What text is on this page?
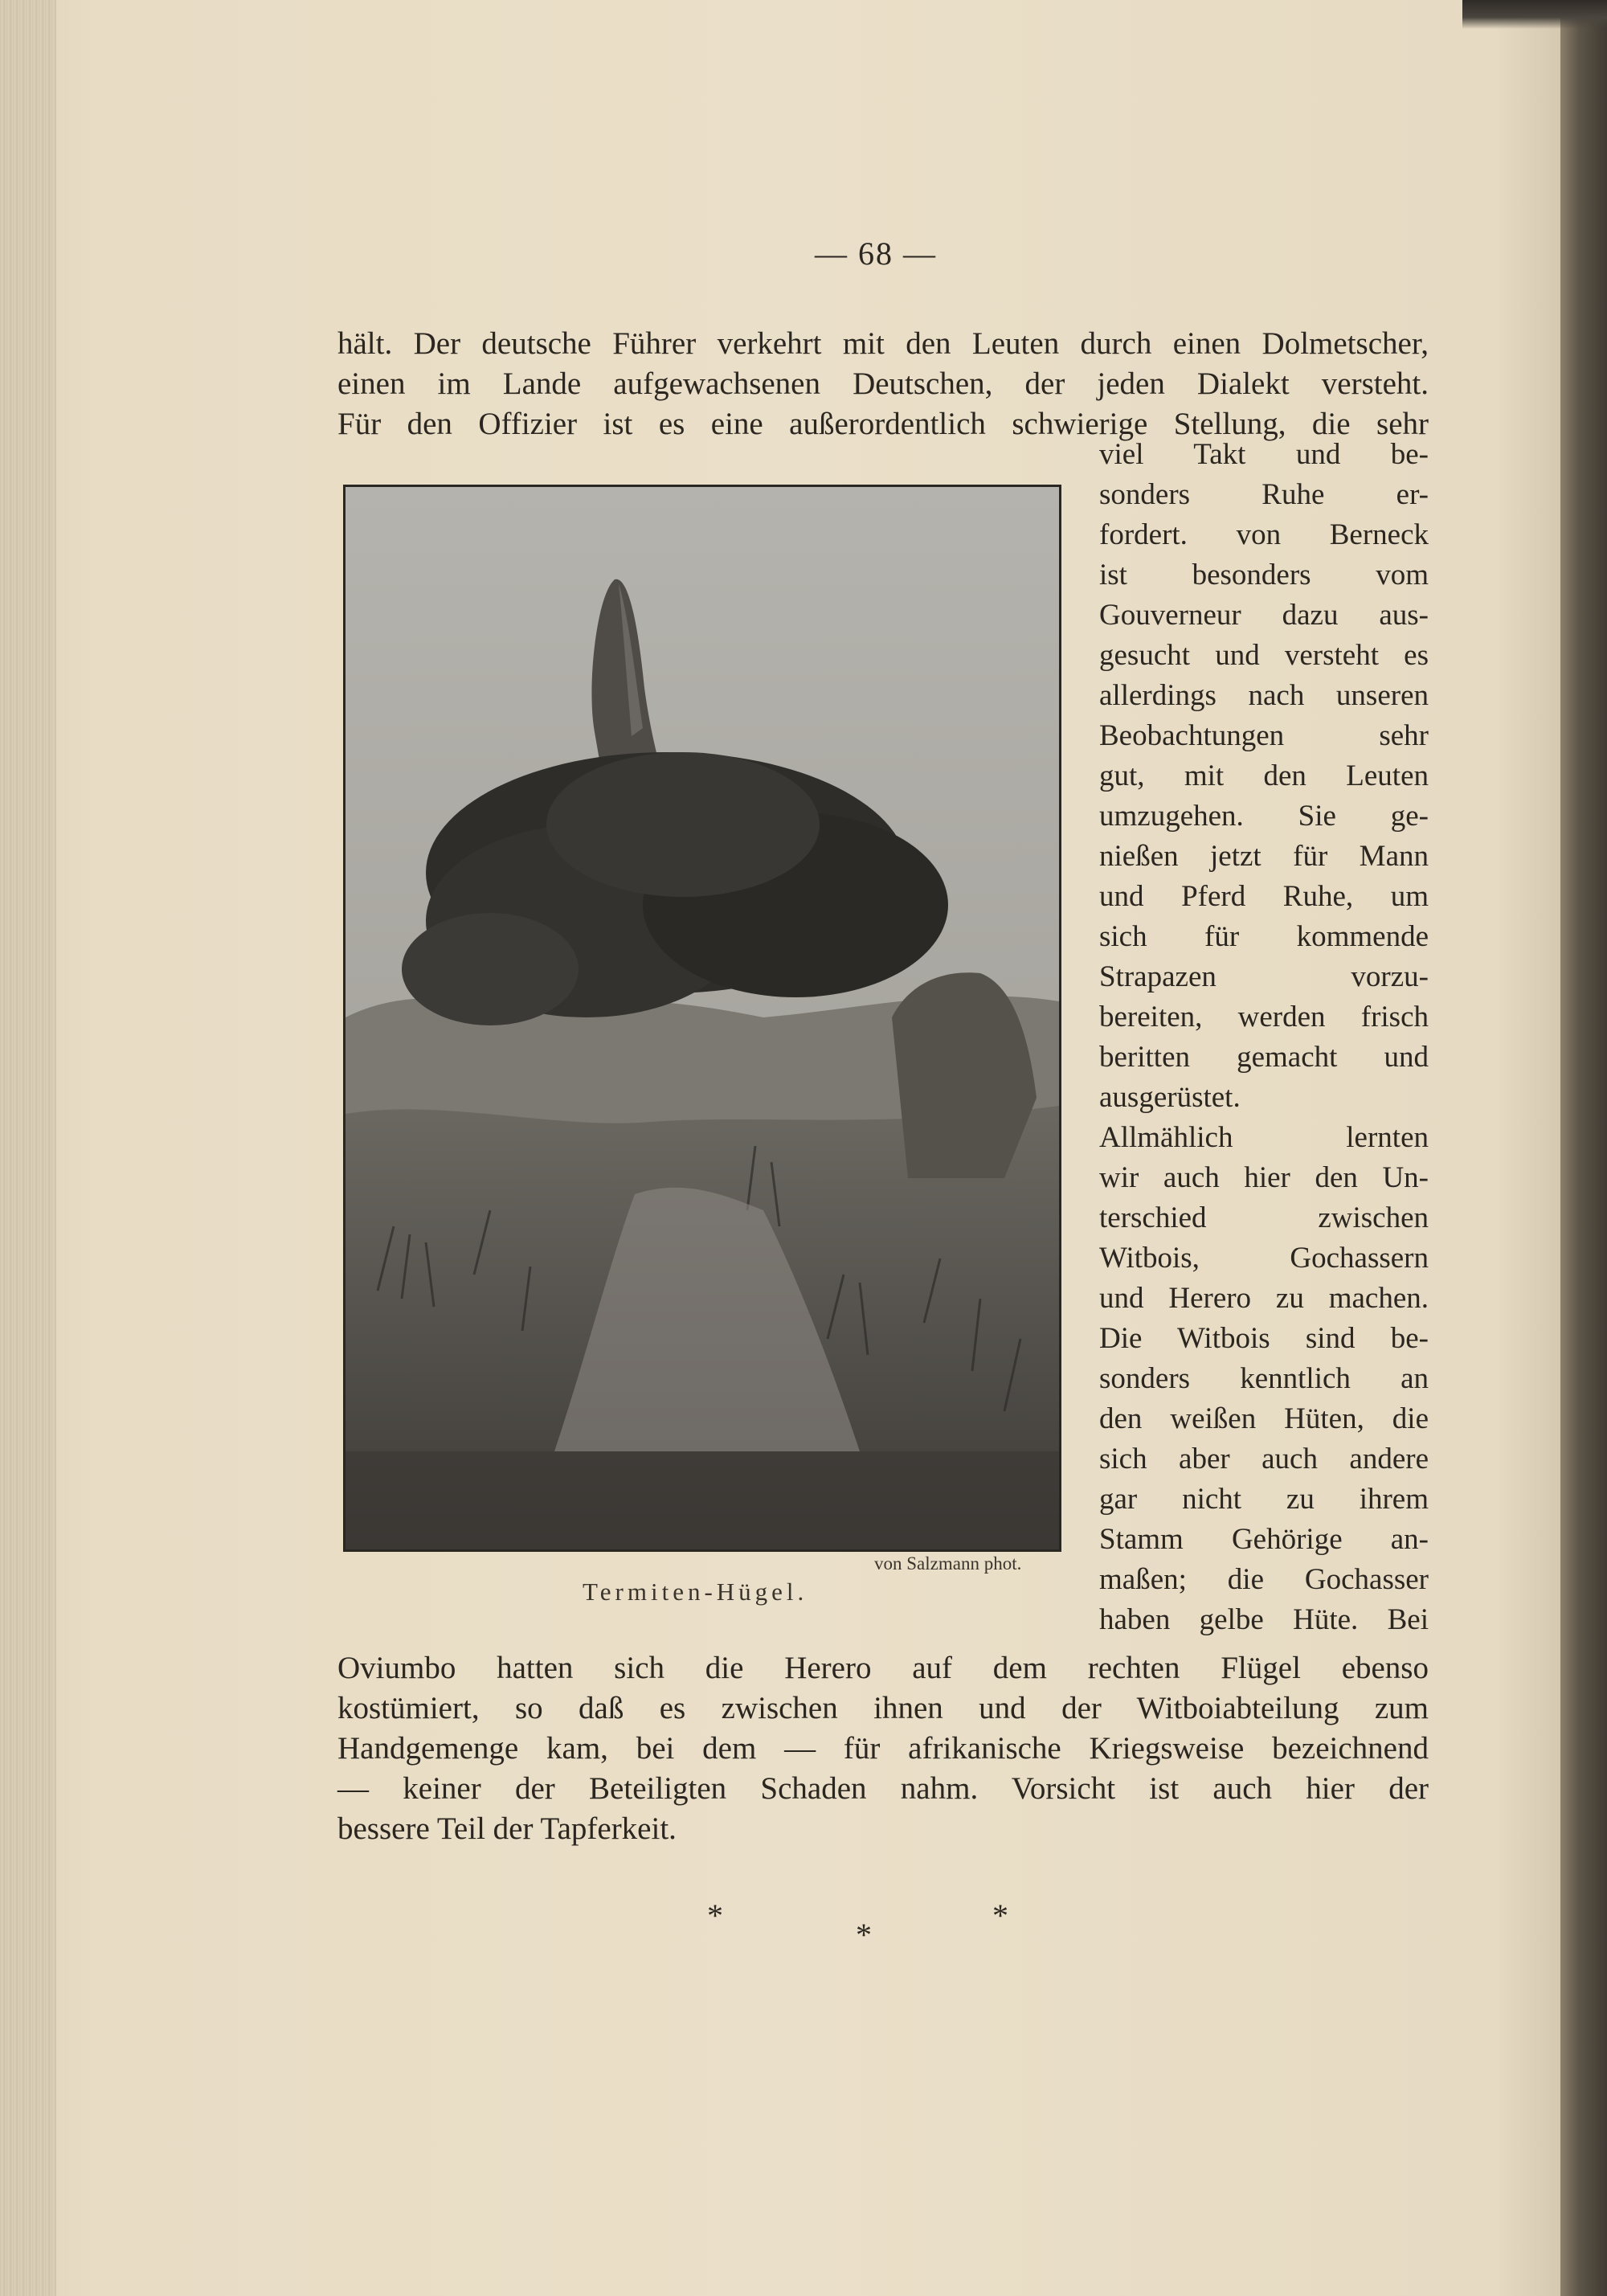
— 68 —
hält. Der deutsche Führer verkehrt mit den Leuten durch einen Dolmetscher,
einen im Lande aufgewachsenen Deutschen, der jeden Dialekt versteht.
Für den Offizier ist es eine außerordentlich schwierige Stellung, die sehr
viel Takt und be-
sonders Ruhe er-
fordert. von Berneck
ist besonders vom
Gouverneur dazu aus-
gesucht und versteht es
allerdings nach unseren
Beobachtungen sehr
gut, mit den Leuten
umzugehen. Sie ge-
nießen jetzt für Mann
und Pferd Ruhe, um
sich für kommende
Strapazen vorzu-
bereiten, werden frisch
beritten gemacht und
ausgerüstet.
Allmählich lernten
wir auch hier den Un-
terschied zwischen
Witbois, Gochassern
und Herero zu machen.
Die Witbois sind be-
sonders kenntlich an
den weißen Hüten, die
sich aber auch andere
gar nicht zu ihrem
Stamm Gehörige an-
maßen; die Gochasser
haben gelbe Hüte. Bei
von Salzmann phot.
Termiten-Hügel.
Oviumbo hatten sich die Herero auf dem rechten Flügel ebenso
kostümiert, so daß es zwischen ihnen und der Witboiabteilung zum
Handgemenge kam, bei dem — für afrikanische Kriegsweise bezeichnend
— keiner der Beteiligten Schaden nahm. Vorsicht ist auch hier der
bessere Teil der Tapferkeit.
*
*
*
